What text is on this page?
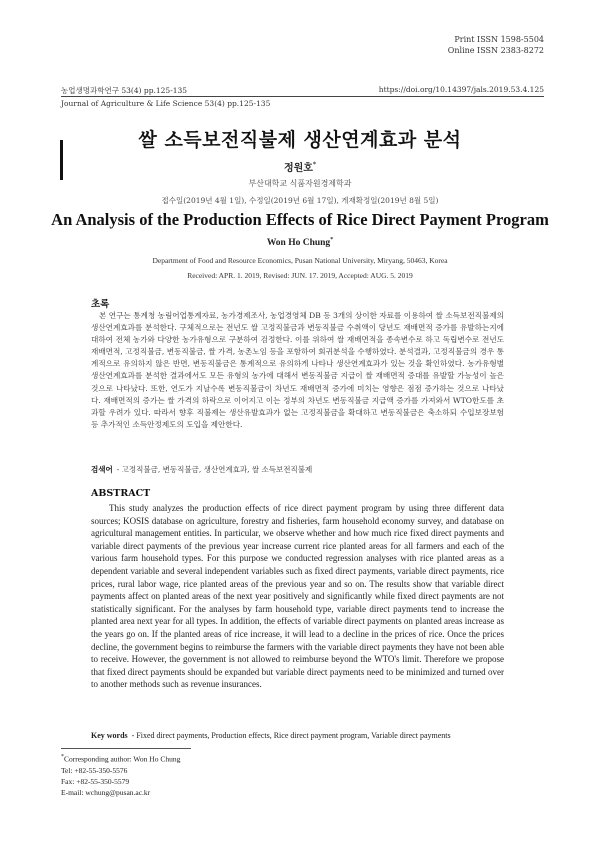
Print ISSN 1598-5504
Online ISSN 2383-8272
농업생명과학연구 53(4) pp.125-135	https://doi.org/10.14397/jals.2019.53.4.125
Journal of Agriculture & Life Science 53(4) pp.125-135
쌀 소득보전직불제 생산연계효과 분석
정원호*
부산대학교 식품자원경제학과
접수일(2019년 4월 1일), 수정일(2019년 6월 17일), 게재확정일(2019년 8월 5일)
An Analysis of the Production Effects of Rice Direct Payment Program
Won Ho Chung*
Department of Food and Resource Economics, Pusan National University, Miryang, 50463, Korea
Received: APR. 1. 2019, Revised: JUN. 17. 2019, Accepted: AUG. 5. 2019
초록

본 연구는 통계청 농림어업통계자료, 농가경제조사, 농업경영체 DB 등 3개의 상이한 자료를 이용하여 쌀 소득보전직불제의 생산연계효과를 분석한다. 구체적으로는 전년도 쌀 고정직불금과 변동직불금 수취액이 당년도 재배면적 증가를 유발하는지에 대하여 전체 농가와 다양한 농가유형으로 구분하여 검정한다. 이를 위하여 쌀 재배면적을 종속변수로 하고 독립변수로 전년도 재배면적, 고정직불금, 변동직불금, 쌀 가격, 농촌노임 등을 포함하여 회귀분석을 수행하였다. 분석결과, 고정직불금의 경우 통계적으로 유의하지 않은 반면, 변동직불금은 통계적으로 유의하게 나타나 생산연계효과가 있는 것을 확인하였다. 농가유형별 생산연계효과를 분석한 결과에서도 모든 유형의 농가에 대해서 변동직불금 지급이 쌀 재배면적 증대를 유발할 가능성이 높은 것으로 나타났다. 또한, 연도가 지날수록 변동직불금이 차년도 재배면적 증가에 미치는 영향은 점점 증가하는 것으로 나타났다. 재배면적의 증가는 쌀 가격의 하락으로 이어지고 이는 정부의 차년도 변동직불금 지급액 증가를 가져와서 WTO한도를 초과할 우려가 있다. 따라서 향후 직불제는 생산유발효과가 없는 고정직불금을 확대하고 변동직불금은 축소하되 수입보장보험 등 추가적인 소득안정제도의 도입을 제안한다.

검색어 - 고정직불금, 변동직불금, 생산연계효과, 쌀 소득보전직불제
ABSTRACT

This study analyzes the production effects of rice direct payment program by using three different data sources; KOSIS database on agriculture, forestry and fisheries, farm household economy survey, and database on agricultural management entities. In particular, we observe whether and how much rice fixed direct payments and variable direct payments of the previous year increase current rice planted areas for all farmers and each of the various farm household types. For this purpose we conducted regression analyses with rice planted areas as a dependent variable and several independent variables such as fixed direct payments, variable direct payments, rice prices, rural labor wage, rice planted areas of the previous year and so on. The results show that variable direct payments affect on planted areas of the next year positively and significantly while fixed direct payments are not statistically significant. For the analyses by farm household type, variable direct payments tend to increase the planted area next year for all types. In addition, the effects of variable direct payments on planted areas increase as the years go on. If the planted areas of rice increase, it will lead to a decline in the prices of rice. Once the prices decline, the government begins to reimburse the farmers with the variable direct payments they have not been able to receive. However, the government is not allowed to reimburse beyond the WTO's limit. Therefore we propose that fixed direct payments should be expanded but variable direct payments need to be minimized and turned over to another methods such as revenue insurances.

Key words - Fixed direct payments, Production effects, Rice direct payment program, Variable direct payments
*Corresponding author: Won Ho Chung
Tel: +82-55-350-5576
Fax: +82-55-350-5579
E-mail: wchung@pusan.ac.kr
